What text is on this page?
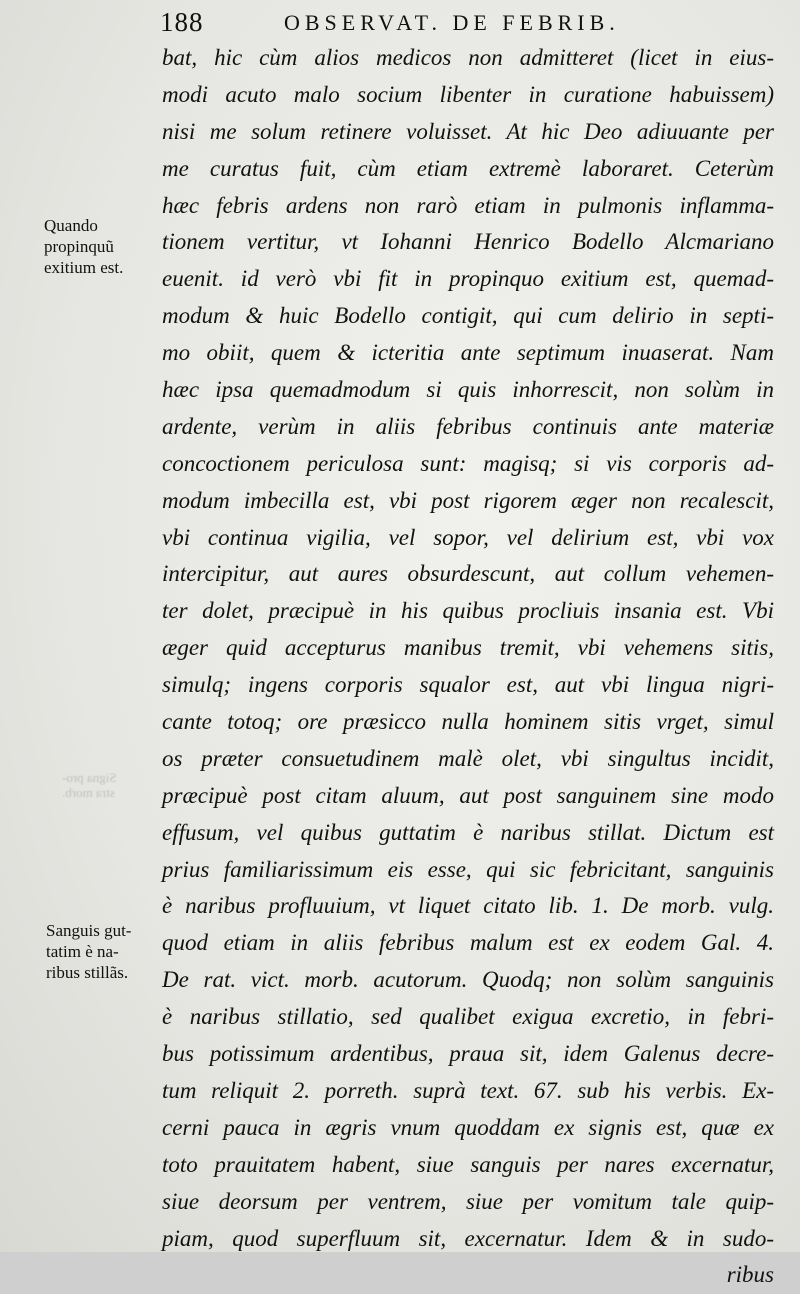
188	OBSERVAT. DE FEBRIB.
Signa pro-
stra morb.
Quando
propinquũ
exitium est.
Sanguis gut-
tatim è na-
ribus stillãs.
bat, hic cùm alios medicos non admitteret (licet in eius-
modi acuto malo socium libenter in curatione habuissem)
nisi me solum retinere voluisset. At hic Deo adiuuante per
me curatus fuit, cùm etiam extremè laboraret. Ceterùm
hæc febris ardens non rarò etiam in pulmonis inflamma-
tionem vertitur, vt Iohanni Henrico Bodello Alcmariano
euenit. id verò vbi fit in propinquo exitium est, quemad-
modum & huic Bodello contigit, qui cum delirio in septi-
mo obiit, quem & icteritia ante septimum inuaserat. Nam
hæc ipsa quemadmodum si quis inhorrescit, non solùm in
ardente, verùm in aliis febribus continuis ante materiæ
concoctionem periculosa sunt: magisq; si vis corporis ad-
modum imbecilla est, vbi post rigorem æger non recalescit,
vbi continua vigilia, vel sopor, vel delirium est, vbi vox
intercipitur, aut aures obsurdescunt, aut collum vehemen-
ter dolet, præcipuè in his quibus procliuis insania est. Vbi
æger quid accepturus manibus tremit, vbi vehemens sitis,
simulq; ingens corporis squalor est, aut vbi lingua nigri-
cante totoq; ore præsicco nulla hominem sitis vrget, simul
os præter consuetudinem malè olet, vbi singultus incidit,
præcipuè post citam aluum, aut post sanguinem sine modo
effusum, vel quibus guttatim è naribus stillat. Dictum est
prius familiarissimum eis esse, qui sic febricitant, sanguinis
è naribus profluuium, vt liquet citato lib. 1. De morb. vulg.
quod etiam in aliis febribus malum est ex eodem Gal. 4.
De rat. vict. morb. acutorum. Quodq; non solùm sanguinis
è naribus stillatio, sed qualibet exigua excretio, in febri-
bus potissimum ardentibus, praua sit, idem Galenus decre-
tum reliquit 2. porreth. suprà text. 67. sub his verbis. Ex-
cerni pauca in ægris vnum quoddam ex signis est, quæ ex
toto prauitatem habent, siue sanguis per nares excernatur,
siue deorsum per ventrem, siue per vomitum tale quip-
piam, quod superfluum sit, excernatur. Idem & in sudo-
ribus
